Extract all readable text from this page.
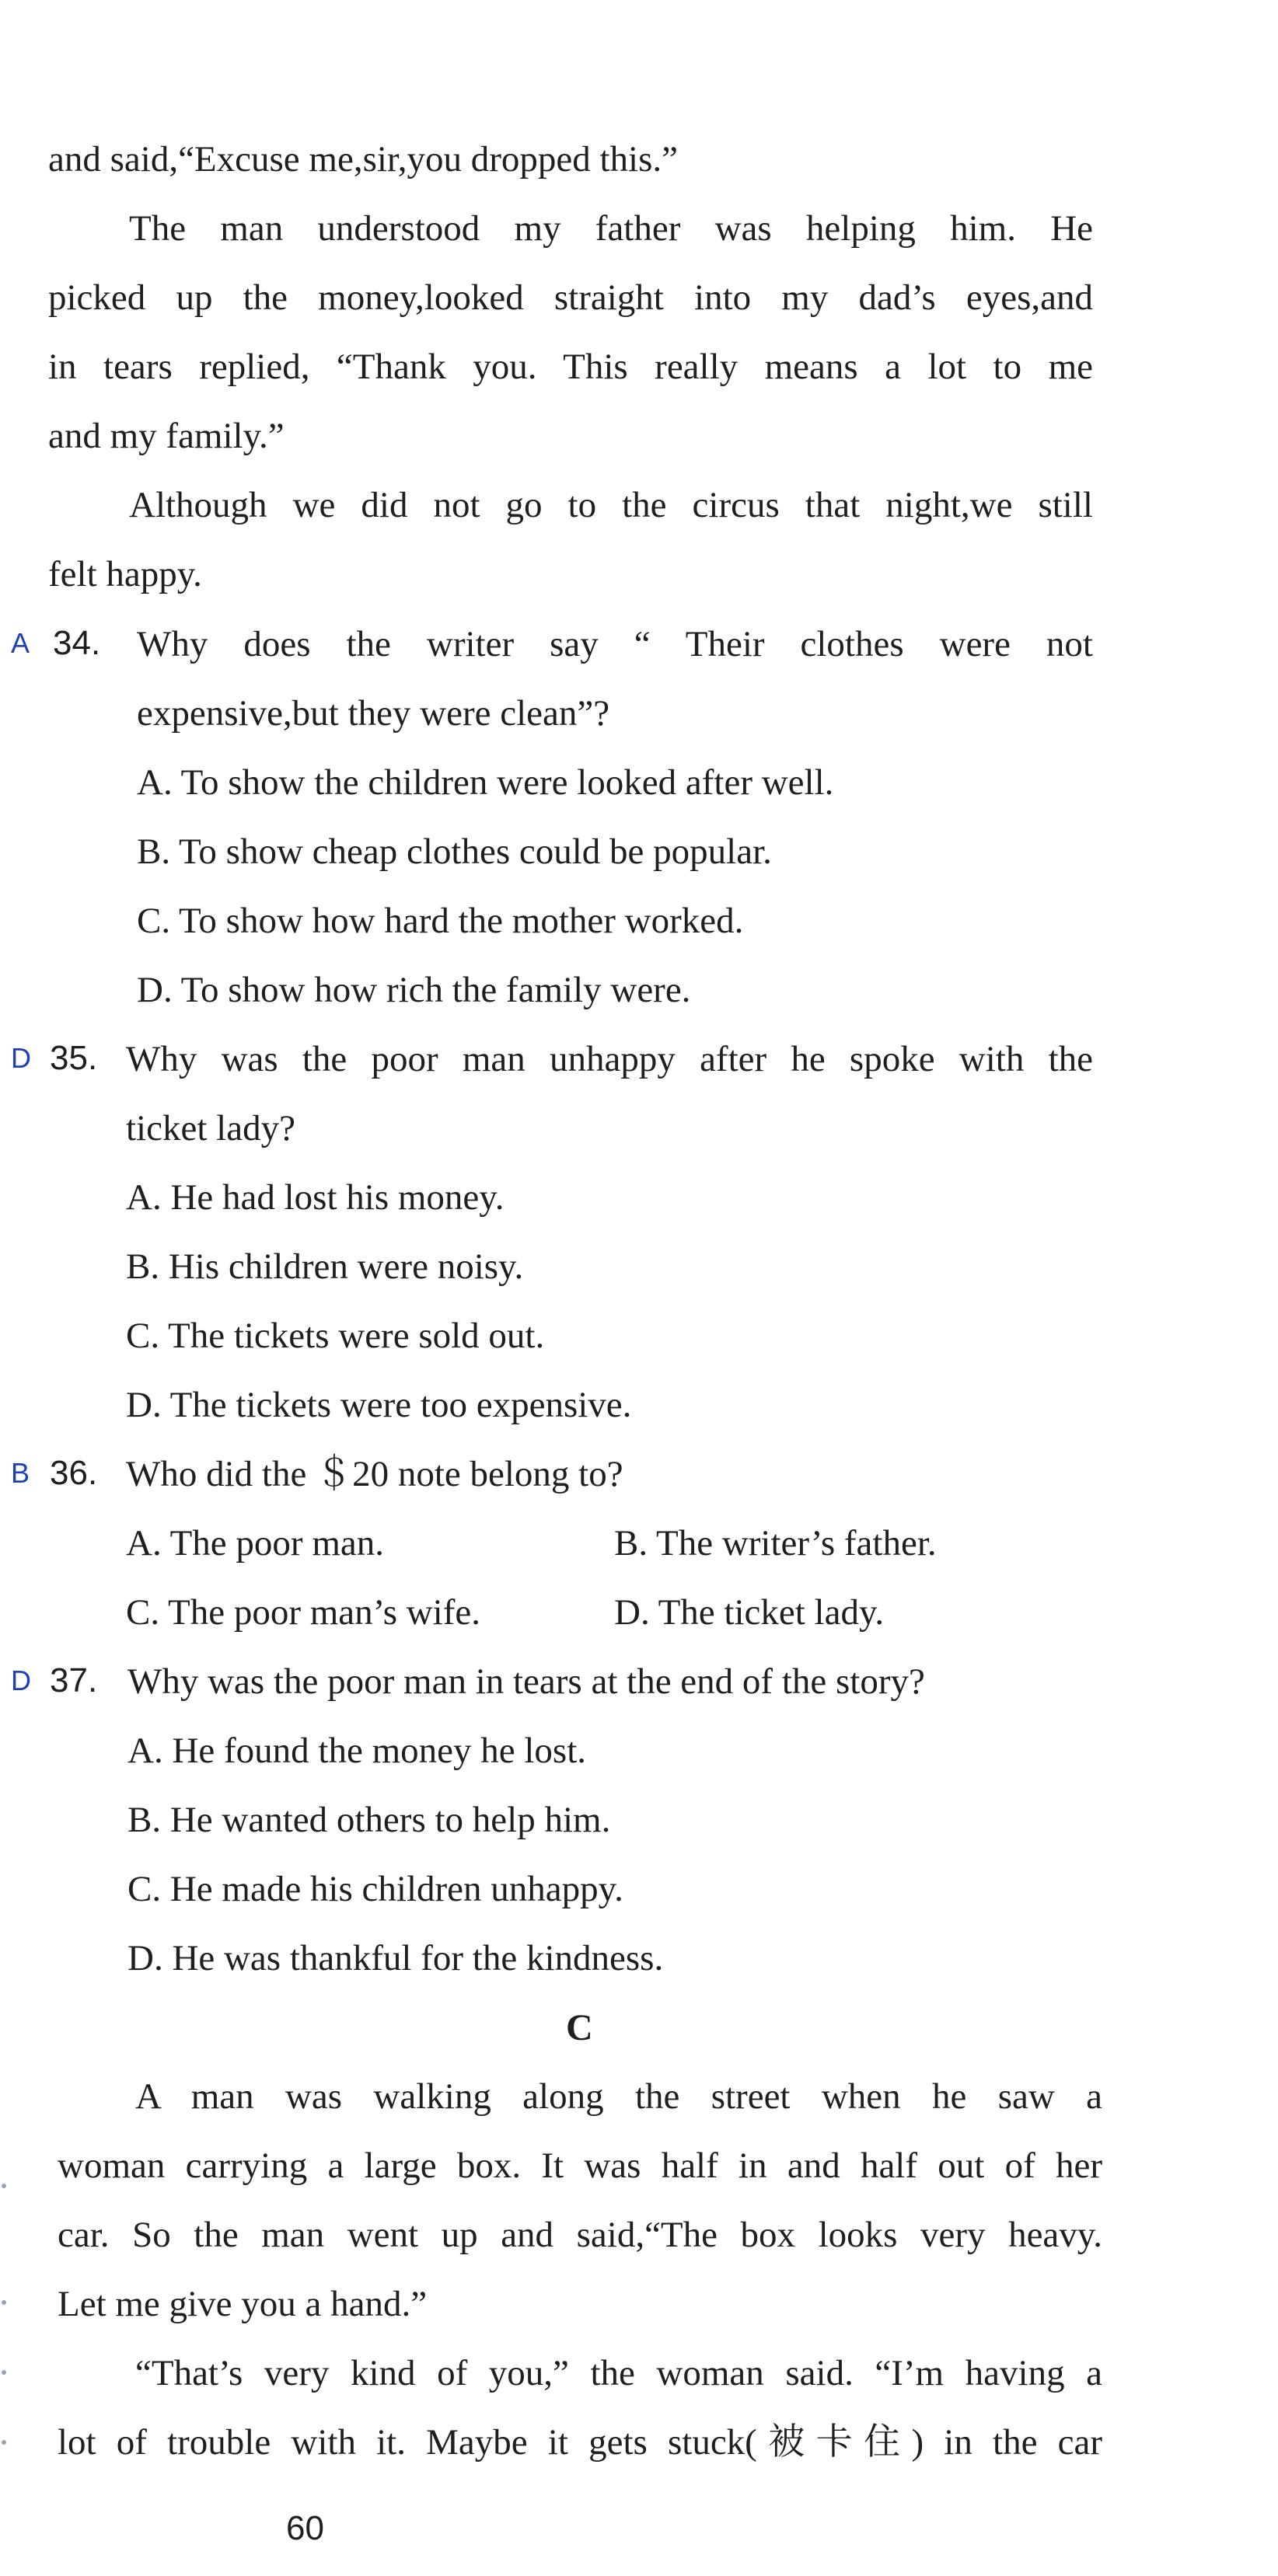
and said,“Excuse me,sir,you dropped this.”
The man understood my father was helping him. He
picked up the money,looked straight into my dad’s eyes,and
in tears replied, “Thank you. This really means a lot to me
and my family.”
Although we did not go to the circus that night,we still
felt happy.
A 34. Why does the writer say “ Their clothes were not
expensive,but they were clean”?
A. To show the children were looked after well.
B. To show cheap clothes could be popular.
C. To show how hard the mother worked.
D. To show how rich the family were.
D 35. Why was the poor man unhappy after he spoke with the
ticket lady?
A. He had lost his money.
B. His children were noisy.
C. The tickets were sold out.
D. The tickets were too expensive.
B 36. Who did the ＄20 note belong to?
A. The poor man.	B. The writer’s father.
C. The poor man’s wife.	D. The ticket lady.
D 37. Why was the poor man in tears at the end of the story?
A. He found the money he lost.
B. He wanted others to help him.
C. He made his children unhappy.
D. He was thankful for the kindness.
C
A man was walking along the street when he saw a
woman carrying a large box. It was half in and half out of her
car. So the man went up and said,“The box looks very heavy.
Let me give you a hand.”
“That’s very kind of you,” the woman said. “I’m having a
lot of trouble with it. Maybe it gets stuck(被卡住) in the car
60
